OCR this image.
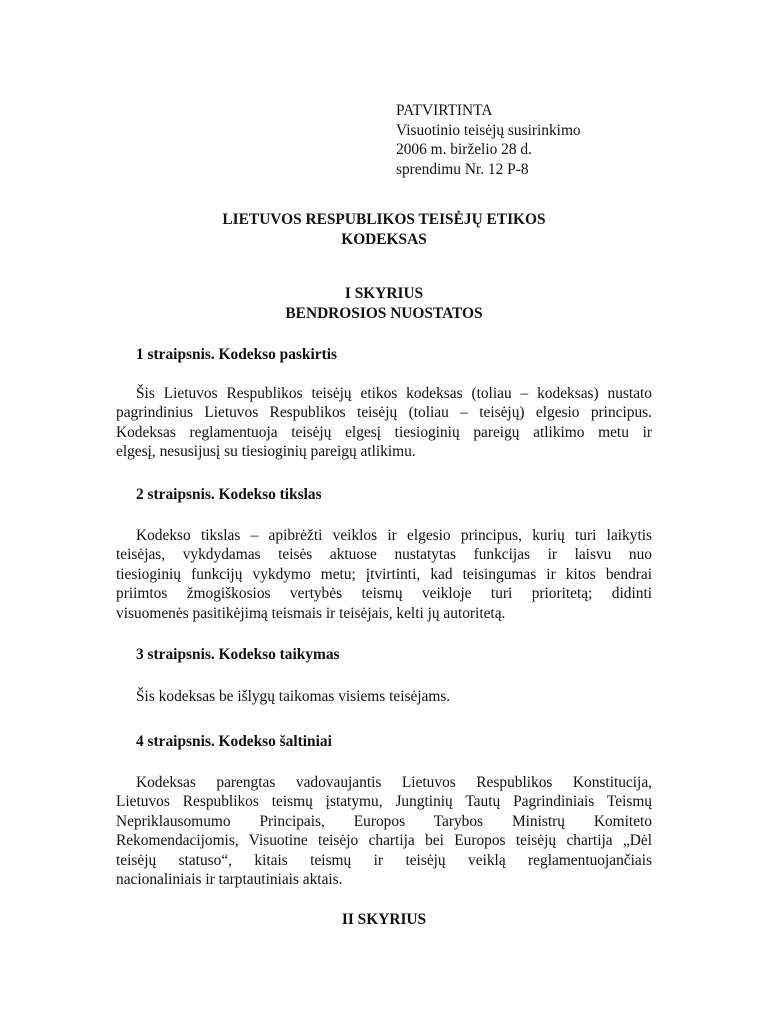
PATVIRTINTA
Visuotinio teisėjų susirinkimo
2006 m. birželio 28 d.
sprendimu Nr. 12 P-8
LIETUVOS RESPUBLIKOS TEISĖJŲ ETIKOS
KODEKSAS
I SKYRIUS
BENDROSIOS NUOSTATOS
1 straipsnis. Kodekso paskirtis
Šis Lietuvos Respublikos teisėjų etikos kodeksas (toliau – kodeksas) nustato
pagrindinius Lietuvos Respublikos teisėjų (toliau – teisėjų) elgesio principus.
Kodeksas reglamentuoja teisėjų elgesį tiesioginių pareigų atlikimo metu ir
elgesį, nesusijusį su tiesioginių pareigų atlikimu.
2 straipsnis. Kodekso tikslas
Kodekso tikslas – apibrėžti veiklos ir elgesio principus, kurių turi laikytis
teisėjas, vykdydamas teisės aktuose nustatytas funkcijas ir laisvu nuo
tiesioginių funkcijų vykdymo metu; įtvirtinti, kad teisingumas ir kitos bendrai
priimtos žmogiškosios vertybės teismų veikloje turi prioritetą; didinti
visuomenės pasitikėjimą teismais ir teisėjais, kelti jų autoritetą.
3 straipsnis. Kodekso taikymas
Šis kodeksas be išlygų taikomas visiems teisėjams.
4 straipsnis. Kodekso šaltiniai
Kodeksas parengtas vadovaujantis Lietuvos Respublikos Konstitucija,
Lietuvos Respublikos teismų įstatymu, Jungtinių Tautų Pagrindiniais Teismų
Nepriklausomumo Principais, Europos Tarybos Ministrų Komiteto
Rekomendacijomis, Visuotine teisėjo chartija bei Europos teisėjų chartija „Dėl
teisėjų statuso“, kitais teismų ir teisėjų veiklą reglamentuojančiais
nacionaliniais ir tarptautiniais aktais.
II SKYRIUS
